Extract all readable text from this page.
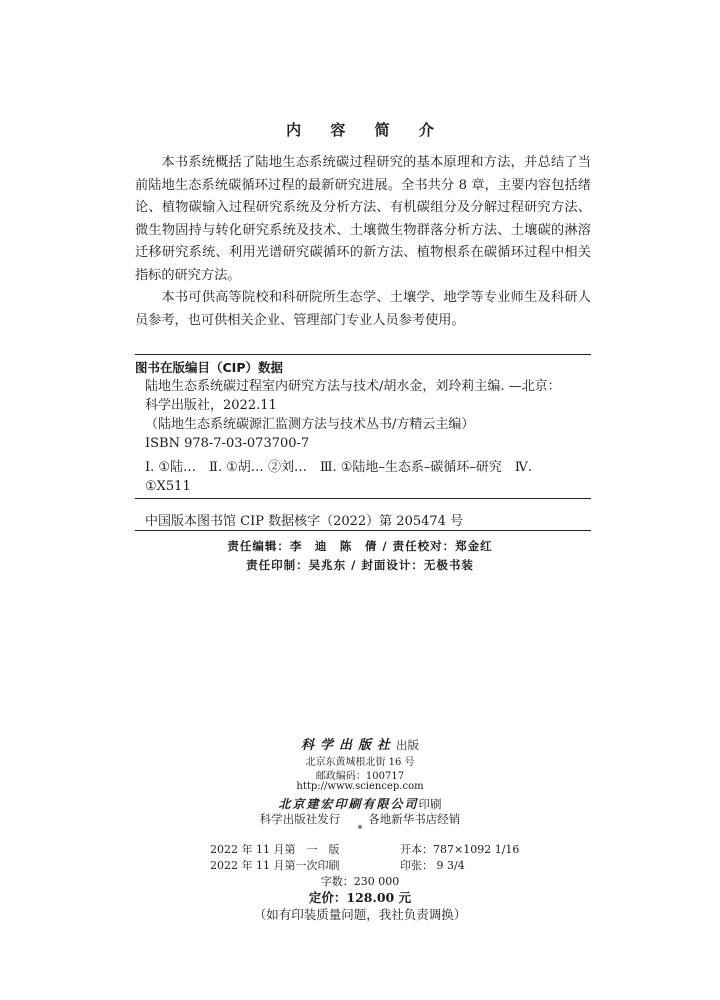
内 容 简 介

本书系统概括了陆地生态系统碳过程研究的基本原理和方法，并总结了当前陆地生态系统碳循环过程的最新研究进展。全书共分 8 章，主要内容包括绪论、植物碳输入过程研究系统及分析方法、有机碳组分及分解过程研究方法、微生物固持与转化研究系统及技术、土壤微生物群落分析方法、土壤碳的淋溶迁移研究系统、利用光谱研究碳循环的新方法、植物根系在碳循环过程中相关指标的研究方法。

本书可供高等院校和科研院所生态学、土壤学、地学等专业师生及科研人员参考，也可供相关企业、管理部门专业人员参考使用。

图书在版编目（CIP）数据
陆地生态系统碳过程室内研究方法与技术/胡水金，刘玲莉主编. —北京：
科学出版社，2022.11
（陆地生态系统碳源汇监测方法与技术丛书/方精云主编）
ISBN 978-7-03-073700-7
Ⅰ. ①陆…　Ⅱ. ①胡… ②刘…　Ⅲ. ①陆地–生态系–碳循环–研究　Ⅳ.
①X511
中国版本图书馆 CIP 数据核字（2022）第 205474 号
责任编辑：李　迪　陈　倩 / 责任校对：郑金红
责任印制：吴兆东 / 封面设计：无极书装
科学出版社出版
北京东黄城根北街 16 号
邮政编码：100717
http://www.sciencep.com
北京建宏印刷有限公司印刷
科学出版社发行 各地新华书店经销
*
2022 年 11 月第　一　版	开本：787×1092 1/16
2022 年 11 月第一次印刷	印张： 9 3/4
字数：230 000
定价：128.00 元
（如有印装质量问题，我社负责调换）
